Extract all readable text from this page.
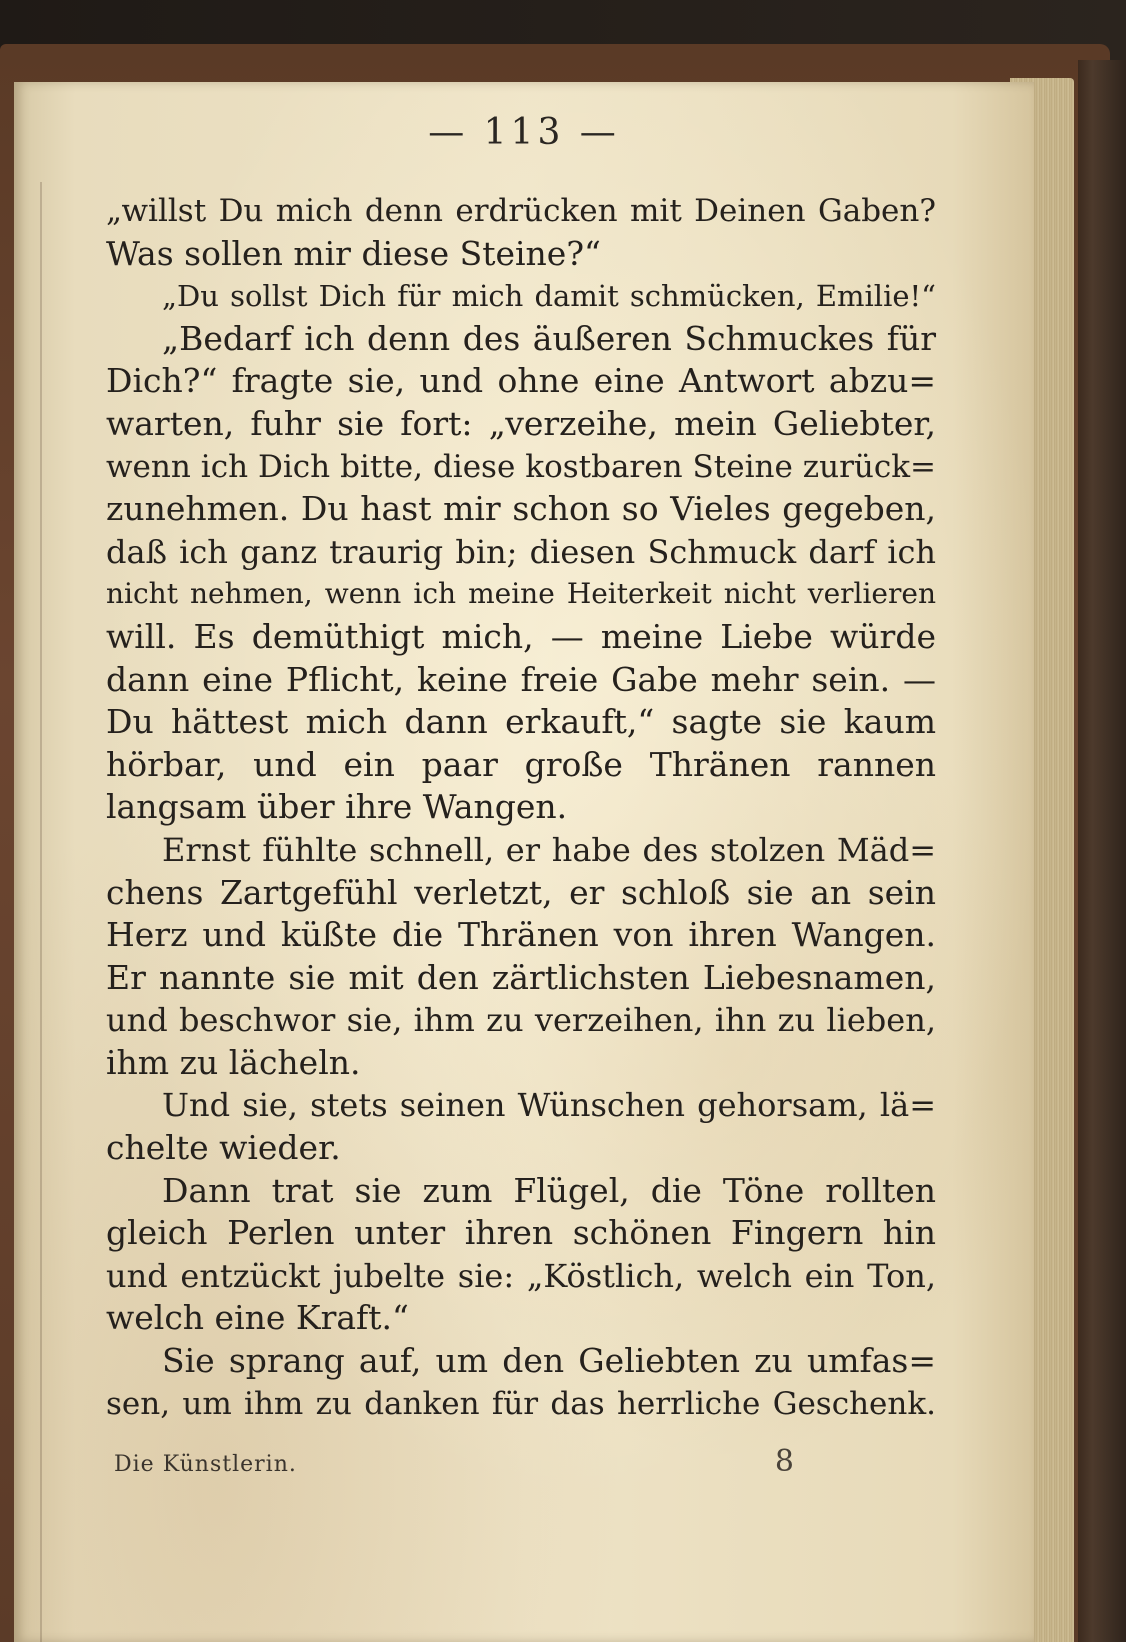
— 113 —
„willst Du mich denn erdrücken mit Deinen Gaben?
Was sollen mir diese Steine?“
„Du sollst Dich für mich damit schmücken, Emilie!“
„Bedarf ich denn des äußeren Schmuckes für
Dich?“ fragte sie, und ohne eine Antwort abzu=
warten, fuhr sie fort: „verzeihe, mein Geliebter,
wenn ich Dich bitte, diese kostbaren Steine zurück=
zunehmen. Du hast mir schon so Vieles gegeben,
daß ich ganz traurig bin; diesen Schmuck darf ich
nicht nehmen, wenn ich meine Heiterkeit nicht verlieren
will. Es demüthigt mich, — meine Liebe würde
dann eine Pflicht, keine freie Gabe mehr sein. —
Du hättest mich dann erkauft,“ sagte sie kaum
hörbar, und ein paar große Thränen rannen
langsam über ihre Wangen.
Ernst fühlte schnell, er habe des stolzen Mäd=
chens Zartgefühl verletzt, er schloß sie an sein
Herz und küßte die Thränen von ihren Wangen.
Er nannte sie mit den zärtlichsten Liebesnamen,
und beschwor sie, ihm zu verzeihen, ihn zu lieben,
ihm zu lächeln.
Und sie, stets seinen Wünschen gehorsam, lä=
chelte wieder.
Dann trat sie zum Flügel, die Töne rollten
gleich Perlen unter ihren schönen Fingern hin
und entzückt jubelte sie: „Köstlich, welch ein Ton,
welch eine Kraft.“
Sie sprang auf, um den Geliebten zu umfas=
sen, um ihm zu danken für das herrliche Geschenk.
Die Künstlerin.	8
